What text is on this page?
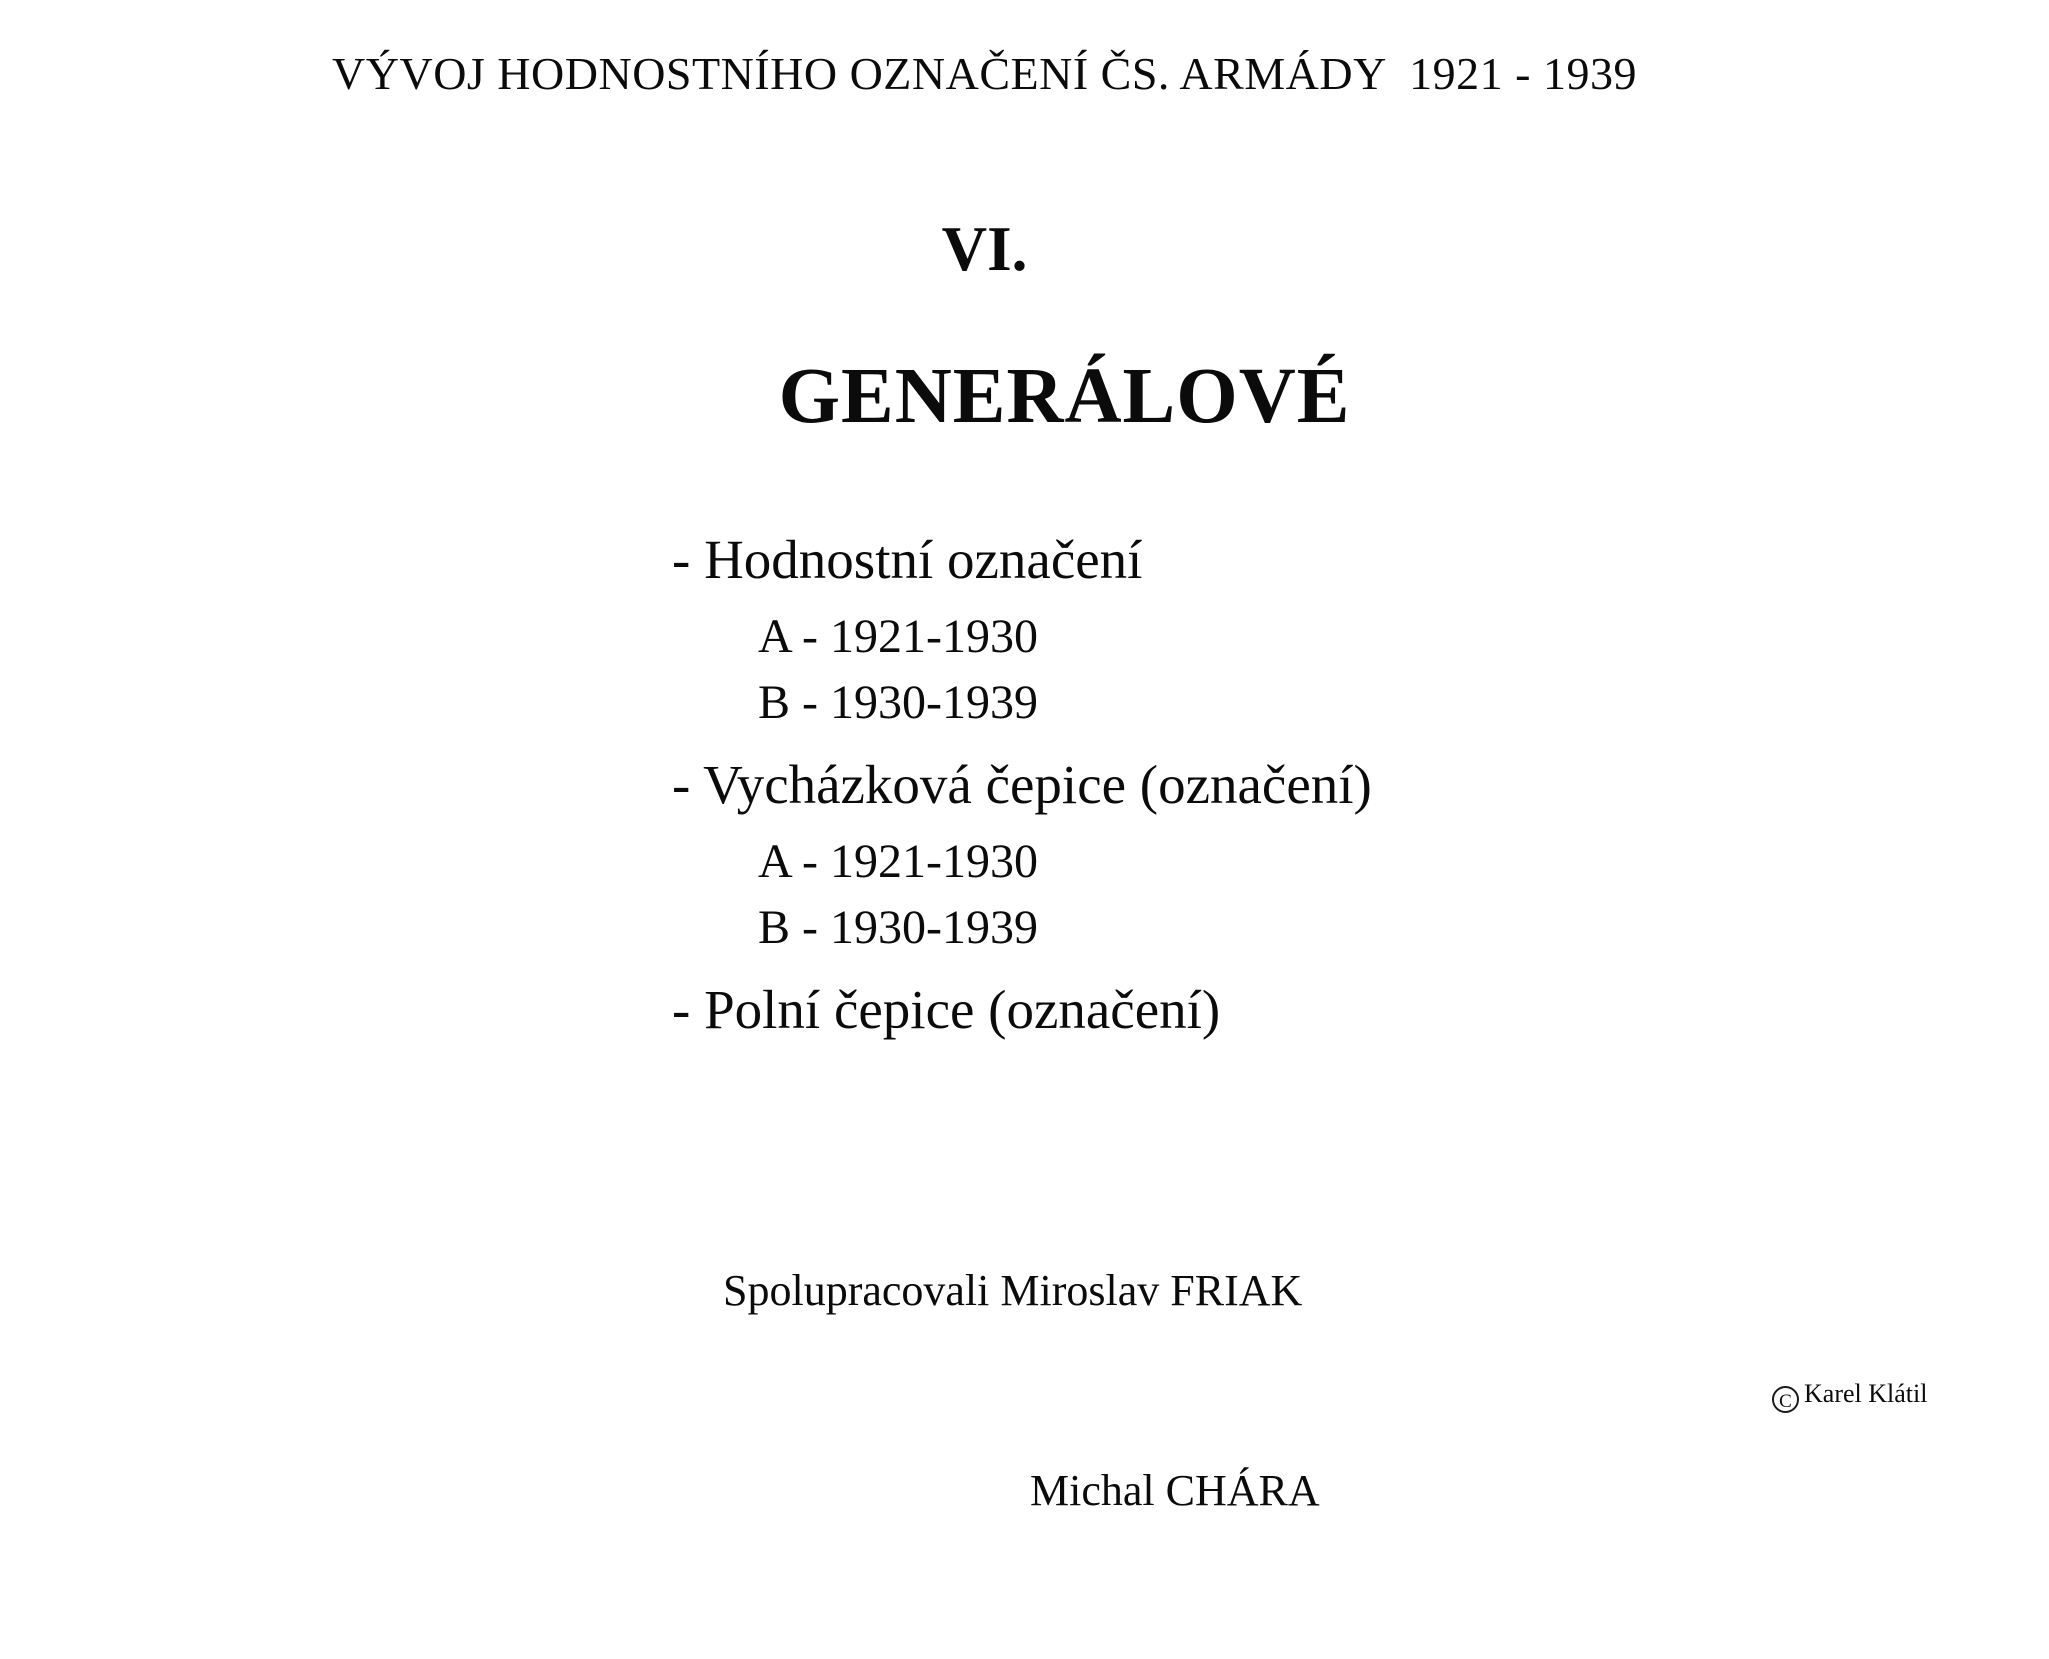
VÝVOJ HODNOSTNÍHO OZNAČENÍ ČS. ARMÁDY  1921 - 1939
VI.
GENERÁLOVÉ
- Hodnostní označení
A - 1921-1930
B - 1930-1939
- Vycházková čepice (označení)
A - 1921-1930
B - 1930-1939
- Polní čepice (označení)

Spolupracovali Miroslav FRIAK

Michal CHÁRA

C Karel Klátil
